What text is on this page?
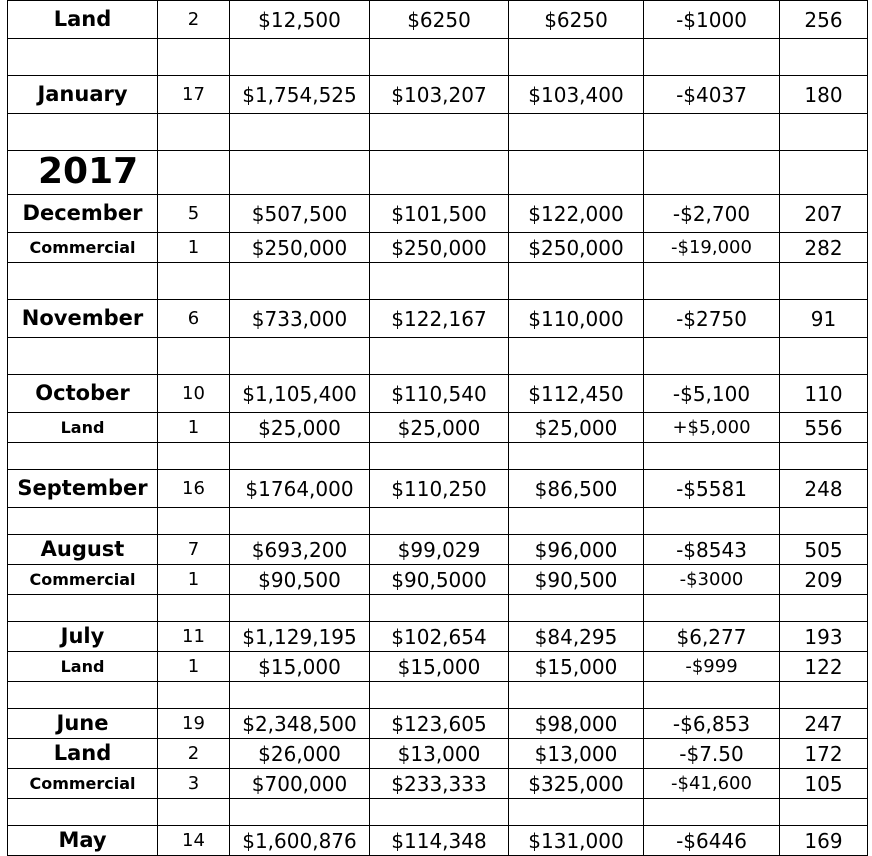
Land	2	$12,500	$6250	$6250	-$1000	256

January	17	$1,754,525	$103,207	$103,400	-$4037	180

2017						
December	5	$507,500	$101,500	$122,000	-$2,700	207
Commercial	1	$250,000	$250,000	$250,000	-$19,000	282

November	6	$733,000	$122,167	$110,000	-$2750	91

October	10	$1,105,400	$110,540	$112,450	-$5,100	110
Land	1	$25,000	$25,000	$25,000	+$5,000	556

September	16	$1764,000	$110,250	$86,500	-$5581	248

August	7	$693,200	$99,029	$96,000	-$8543	505
Commercial	1	$90,500	$90,5000	$90,500	-$3000	209

July	11	$1,129,195	$102,654	$84,295	$6,277	193
Land	1	$15,000	$15,000	$15,000	-$999	122

June	19	$2,348,500	$123,605	$98,000	-$6,853	247
Land	2	$26,000	$13,000	$13,000	-$7.50	172
Commercial	3	$700,000	$233,333	$325,000	-$41,600	105

May	14	$1,600,876	$114,348	$131,000	-$6446	169
